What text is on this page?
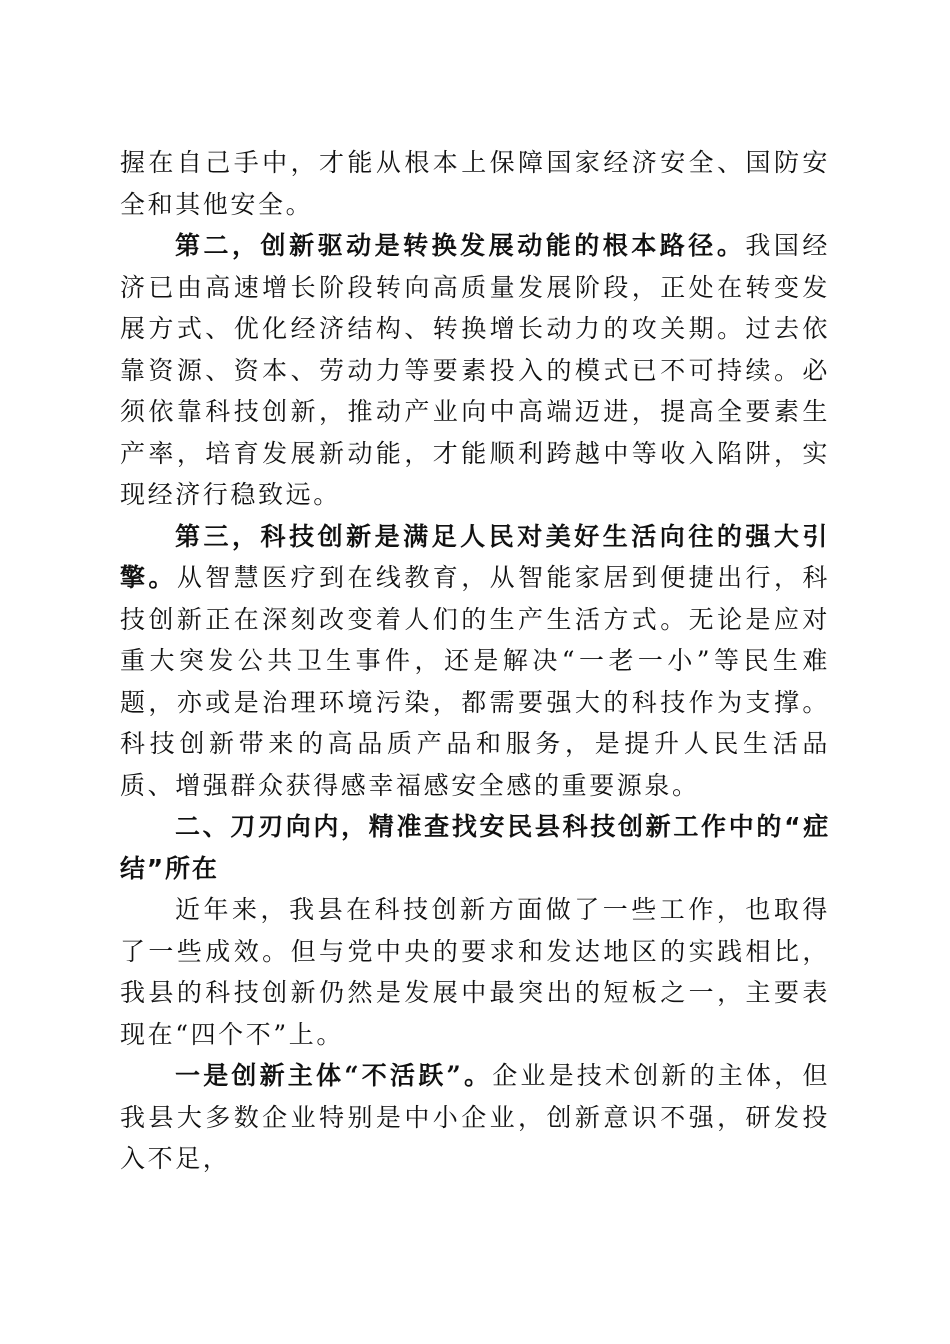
握在自己手中，才能从根本上保障国家经济安全、国防安全和其他安全。

第二，创新驱动是转换发展动能的根本路径。我国经济已由高速增长阶段转向高质量发展阶段，正处在转变发展方式、优化经济结构、转换增长动力的攻关期。过去依靠资源、资本、劳动力等要素投入的模式已不可持续。必须依靠科技创新，推动产业向中高端迈进，提高全要素生产率，培育发展新动能，才能顺利跨越中等收入陷阱，实现经济行稳致远。

第三，科技创新是满足人民对美好生活向往的强大引擎。从智慧医疗到在线教育，从智能家居到便捷出行，科技创新正在深刻改变着人们的生产生活方式。无论是应对重大突发公共卫生事件，还是解决“一老一小”等民生难题，亦或是治理环境污染，都需要强大的科技作为支撑。科技创新带来的高品质产品和服务，是提升人民生活品质、增强群众获得感幸福感安全感的重要源泉。

二、刀刃向内，精准查找安民县科技创新工作中的“症结”所在

近年来，我县在科技创新方面做了一些工作，也取得了一些成效。但与党中央的要求和发达地区的实践相比，我县的科技创新仍然是发展中最突出的短板之一，主要表现在“四个不”上。

一是创新主体“不活跃”。企业是技术创新的主体，但我县大多数企业特别是中小企业，创新意识不强，研发投入不足，
